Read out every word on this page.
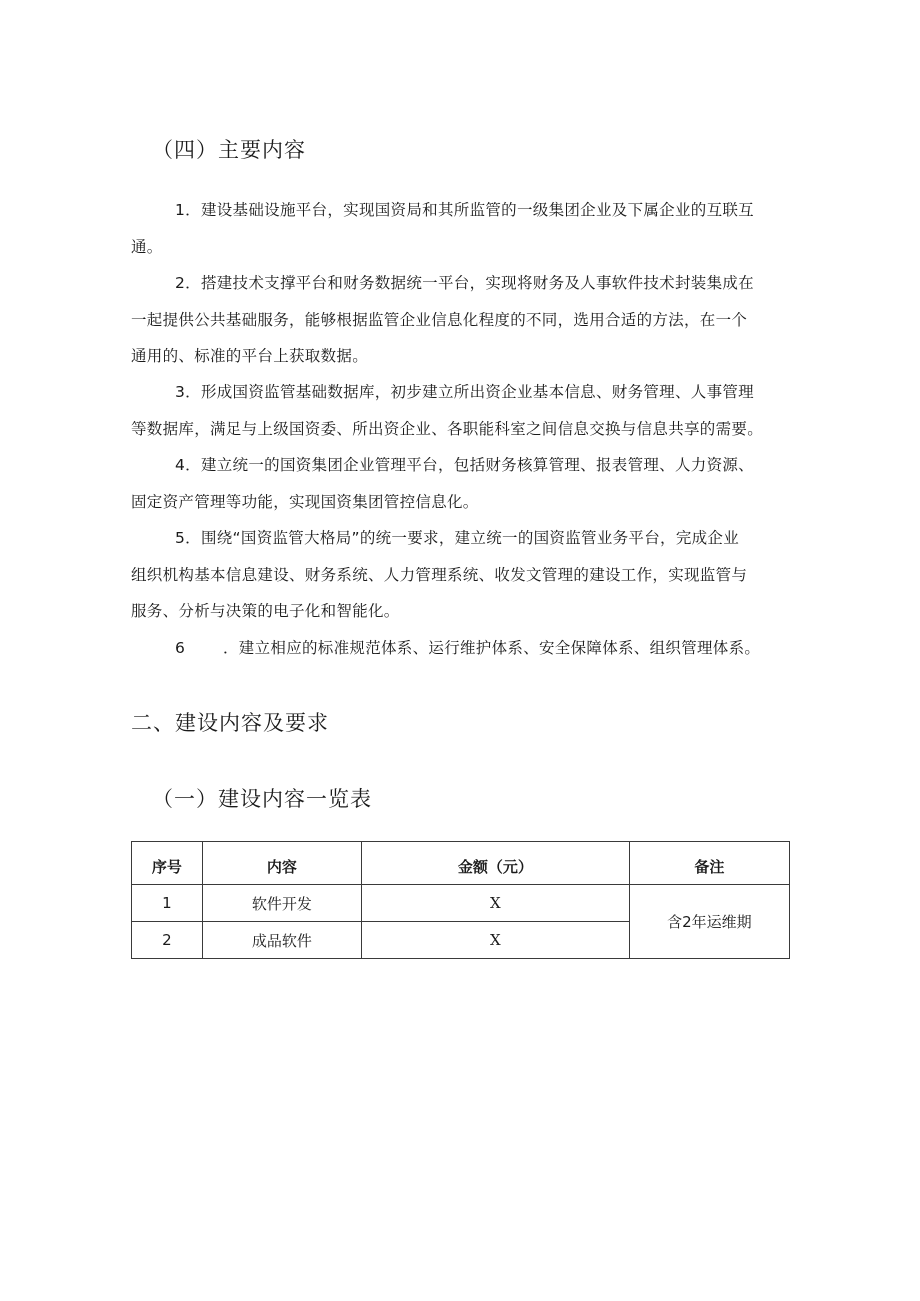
（四）主要内容

1．建设基础设施平台，实现国资局和其所监管的一级集团企业及下属企业的互联互
通。

2．搭建技术支撑平台和财务数据统一平台，实现将财务及人事软件技术封装集成在
一起提供公共基础服务，能够根据监管企业信息化程度的不同，选用合适的方法，在一个
通用的、标准的平台上获取数据。

3．形成国资监管基础数据库，初步建立所出资企业基本信息、财务管理、人事管理
等数据库，满足与上级国资委、所出资企业、各职能科室之间信息交换与信息共享的需要。

4．建立统一的国资集团企业管理平台，包括财务核算管理、报表管理、人力资源、
固定资产管理等功能，实现国资集团管控信息化。

5．围绕“国资监管大格局”的统一要求，建立统一的国资监管业务平台，完成企业
组织机构基本信息建设、财务系统、人力管理系统、收发文管理的建设工作，实现监管与
服务、分析与决策的电子化和智能化。

6 ．建立相应的标准规范体系、运行维护体系、安全保障体系、组织管理体系。

二、建设内容及要求
（一）建设内容一览表
序号	内容	金额（元）	备注
1	软件开发	X	含2年运维期
2	成品软件	X	
